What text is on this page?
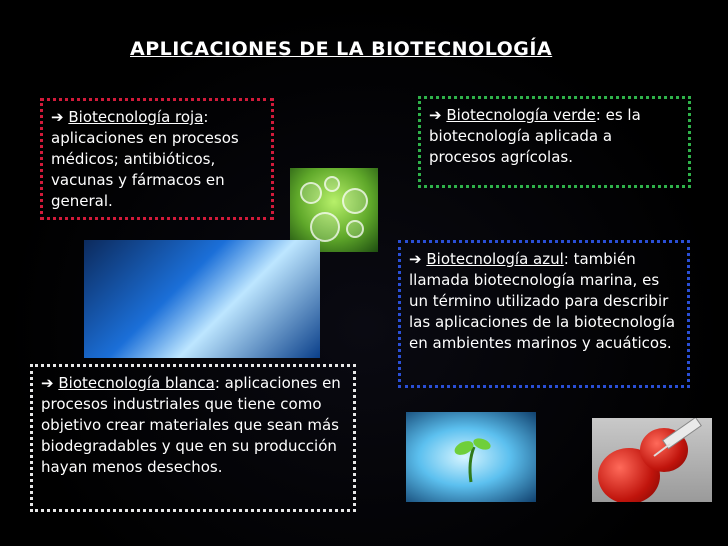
APLICACIONES DE LA BIOTECNOLOGÍA
➔ Biotecnología roja: aplicaciones en procesos médicos; antibióticos, vacunas y fármacos en general.
➔ Biotecnología verde: es la biotecnología aplicada a procesos agrícolas.
➔ Biotecnología azul: también llamada biotecnología marina, es un término utilizado para describir las aplicaciones de la biotecnología en ambientes marinos y acuáticos.
➔ Biotecnología blanca: aplicaciones en procesos industriales que tiene como objetivo crear materiales que sean más biodegradables y que en su producción hayan menos desechos.
